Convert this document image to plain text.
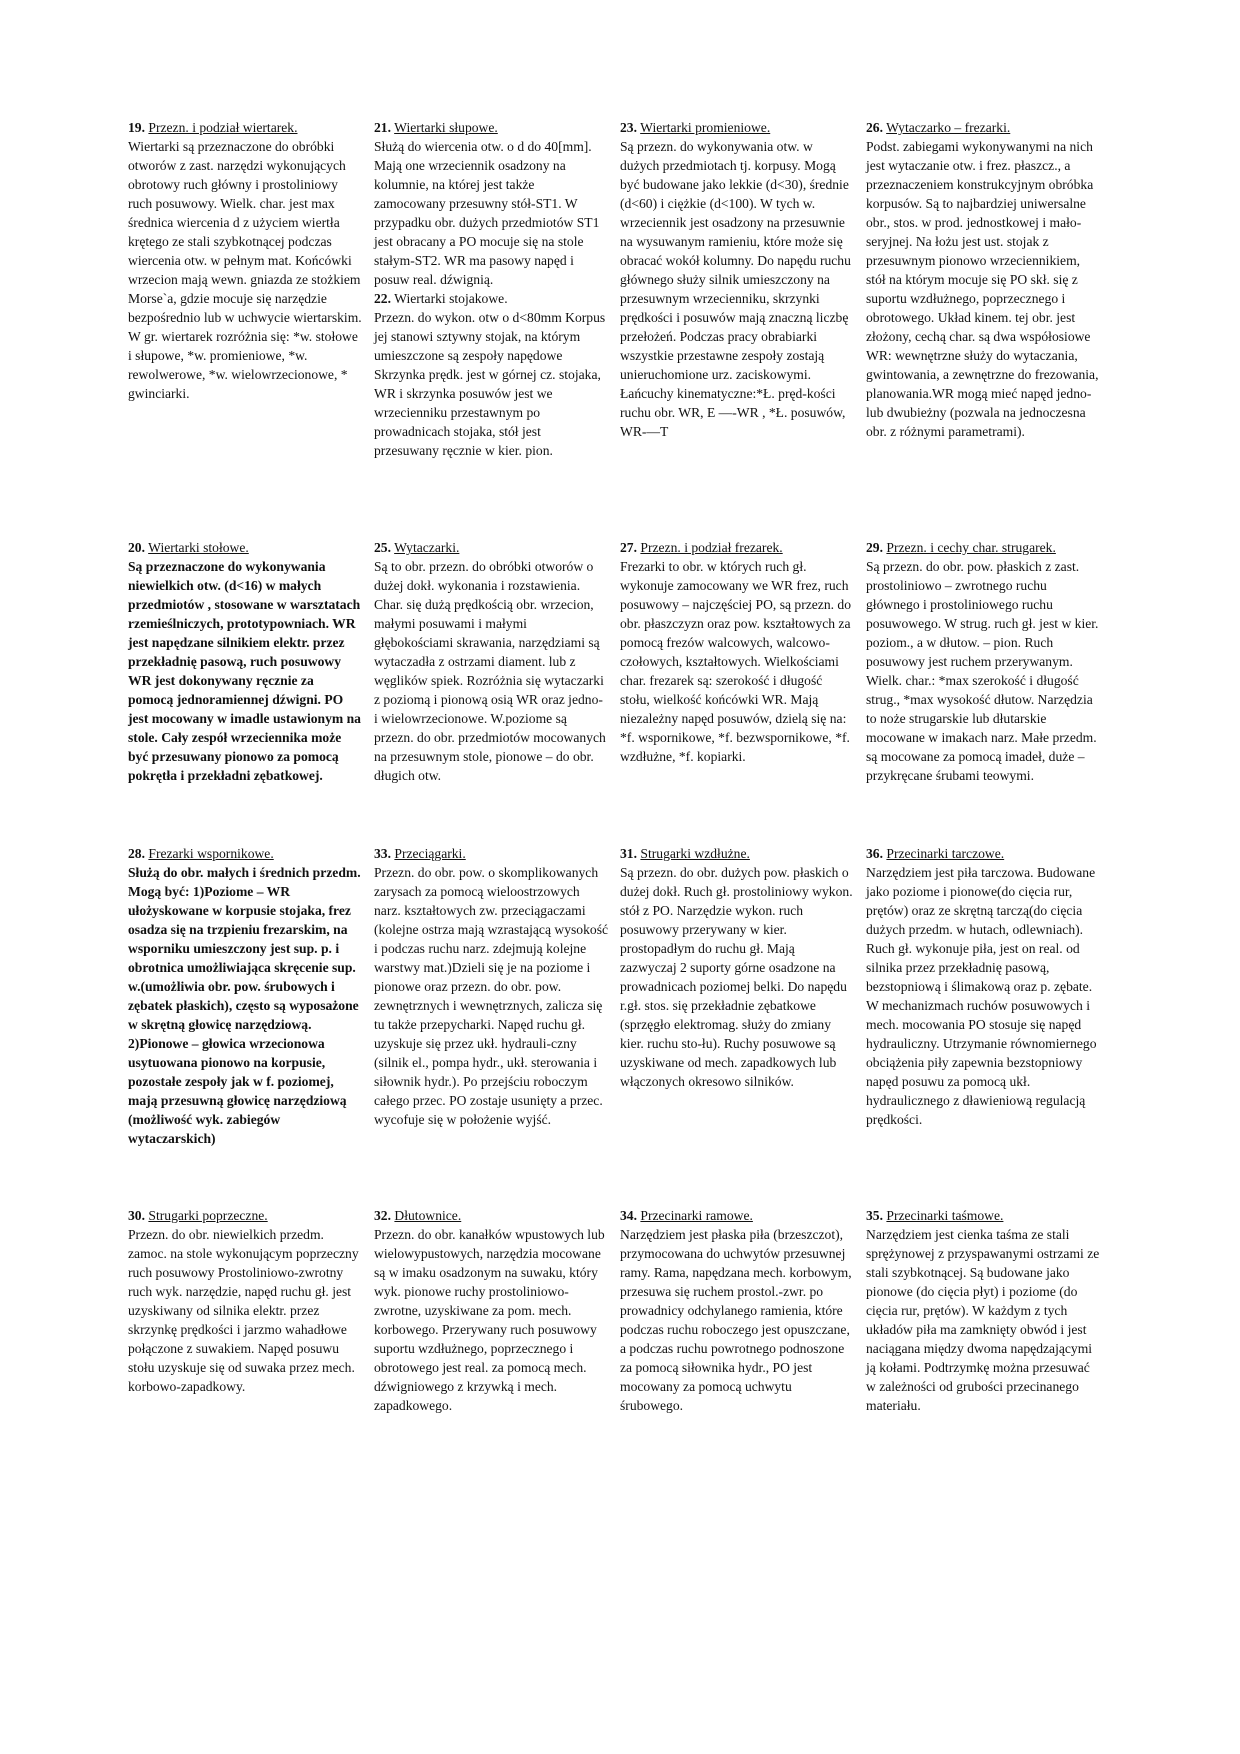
19. Przezn. i podział wiertarek.

Wiertarki są przeznaczone do obróbki otworów z zast. narzędzi wykonujących obrotowy ruch główny i prostoliniowy ruch posuwowy. Wielk. char. jest max średnica wiercenia d z użyciem wiertła krętego ze stali szybkotnącej podczas wiercenia otw. w pełnym mat. Końcówki wrzecion mają wewn. gniazda ze stożkiem Morse`a, gdzie mocuje się narzędzie bezpośrednio lub w uchwycie wiertarskim. W gr. wiertarek rozróżnia się: *w. stołowe i słupowe, *w. promieniowe, *w. rewolwerowe, *w. wielowrzecionowe, * gwinciarki.

20. Wiertarki stołowe.

Są przeznaczone do wykonywania niewielkich otw. (d<16) w małych przedmiotów , stosowane w warsztatach rzemieślniczych, prototypowniach. WR jest napędzane silnikiem elektr. przez przekładnię pasową, ruch posuwowy WR jest dokonywany ręcznie za pomocą jednoramiennej dźwigni. PO jest mocowany w imadle ustawionym na stole. Cały zespół wrzeciennika może być przesuwany pionowo za pomocą pokrętła i przekładni zębatkowej.

28. Frezarki wspornikowe.

Służą do obr. małych i średnich przedm. Mogą być: 1)Poziome – WR ułożyskowane w korpusie stojaka, frez osadza się na trzpieniu frezarskim, na wsporniku umieszczony jest sup. p. i obrotnica umożliwiająca skręcenie sup. w.(umożliwia obr. pow. śrubowych i zębatek płaskich), często są wyposażone w skrętną głowicę narzędziową. 2)Pionowe – głowica wrzecionowa usytuowana pionowo na korpusie, pozostałe zespoły jak w f. poziomej, mają przesuwną głowicę narzędziową (możliwość wyk. zabiegów wytaczarskich)

30. Strugarki poprzeczne.

Przezn. do obr. niewielkich przedm. zamoc. na stole wykonującym poprzeczny ruch posuwowy Prostoliniowo-zwrotny ruch wyk. narzędzie, napęd ruchu gł. jest uzyskiwany od silnika elektr. przez skrzynkę prędkości i jarzmo wahadłowe połączone z suwakiem. Napęd posuwu stołu uzyskuje się od suwaka przez mech. korbowo-zapadkowy.

21. Wiertarki słupowe.

Służą do wiercenia otw. o d do 40[mm]. Mają one wrzeciennik osadzony na kolumnie, na której jest także zamocowany przesuwny stół-ST1. W przypadku obr. dużych przedmiotów ST1 jest obracany a PO mocuje się na stole stałym-ST2. WR ma pasowy napęd i posuw real. dźwignią.

22. Wiertarki stojakowe.

Przezn. do wykon. otw o d<80mm Korpus jej stanowi sztywny stojak, na którym umieszczone są zespoły napędowe Skrzynka prędk. jest w górnej cz. stojaka, WR i skrzynka posuwów jest we wrzecienniku przestawnym po prowadnicach stojaka, stół jest przesuwany ręcznie w kier. pion.

25. Wytaczarki.

Są to obr. przezn. do obróbki otworów o dużej dokł. wykonania i rozstawienia. Char. się dużą prędkością obr. wrzecion, małymi posuwami i małymi głębokościami skrawania, narzędziami są wytaczadła z ostrzami diament. lub z węglików spiek. Rozróżnia się wytaczarki z poziomą i pionową osią WR oraz jedno- i wielowrzecionowe. W.poziome są przezn. do obr. przedmiotów mocowanych na przesuwnym stole, pionowe – do obr. długich otw.

33. Przeciągarki.

Przezn. do obr. pow. o skomplikowanych zarysach za pomocą wieloostrzowych narz. kształtowych zw. przeciągaczami (kolejne ostrza mają wzrastającą wysokość i podczas ruchu narz. zdejmują kolejne warstwy mat.)Dzieli się je na poziome i pionowe oraz przezn. do obr. pow. zewnętrznych i wewnętrznych, zalicza się tu także przepycharki. Napęd ruchu gł. uzyskuje się przez ukł. hydrauli-czny (silnik el., pompa hydr., ukł. sterowania i siłownik hydr.). Po przejściu roboczym całego przec. PO zostaje usunięty a przec. wycofuje się w położenie wyjść.

32. Dłutownice.

Przezn. do obr. kanałków wpustowych lub wielowypustowych, narzędzia mocowane są w imaku osadzonym na suwaku, który wyk. pionowe ruchy prostoliniowo-zwrotne, uzyskiwane za pom. mech. korbowego. Przerywany ruch posuwowy suportu wzdłużnego, poprzecznego i obrotowego jest real. za pomocą mech. dźwigniowego z krzywką i mech. zapadkowego.

23. Wiertarki promieniowe.

Są przezn. do wykonywania otw. w dużych przedmiotach tj. korpusy. Mogą być budowane jako lekkie (d<30), średnie (d<60) i ciężkie (d<100). W tych w. wrzeciennik jest osadzony na przesuwnie na wysuwanym ramieniu, które może się obracać wokół kolumny. Do napędu ruchu głównego służy silnik umieszczony na przesuwnym wrzecienniku, skrzynki prędkości i posuwów mają znaczną liczbę przełożeń. Podczas pracy obrabiarki wszystkie przestawne zespoły zostają unieruchomione urz. zaciskowymi. Łańcuchy kinematyczne:*Ł. pręd-kości ruchu obr. WR, E —-WR , *Ł. posuwów, WR-—T

27. Przezn. i podział frezarek.

Frezarki to obr. w których ruch gł. wykonuje zamocowany we WR frez, ruch posuwowy – najczęściej PO, są przezn. do obr. płaszczyzn oraz pow. kształtowych za pomocą frezów walcowych, walcowo-czołowych, kształtowych. Wielkościami char. frezarek są: szerokość i długość stołu, wielkość końcówki WR. Mają niezależny napęd posuwów, dzielą się na: *f. wspornikowe, *f. bezwspornikowe, *f. wzdłużne, *f. kopiarki.

31. Strugarki wzdłużne.

Są przezn. do obr. dużych pow. płaskich o dużej dokł. Ruch gł. prostoliniowy wykon. stół z PO. Narzędzie wykon. ruch posuwowy przerywany w kier. prostopadłym do ruchu gł. Mają zazwyczaj 2 suporty górne osadzone na prowadnicach poziomej belki. Do napędu r.gł. stos. się przekładnie zębatkowe (sprzęgło elektromag. służy do zmiany kier. ruchu sto-łu). Ruchy posuwowe są uzyskiwane od mech. zapadkowych lub włączonych okresowo silników.

34. Przecinarki ramowe.

Narzędziem jest płaska piła (brzeszczot), przymocowana do uchwytów przesuwnej ramy. Rama, napędzana mech. korbowym, przesuwa się ruchem prostol.-zwr. po prowadnicy odchylanego ramienia, które podczas ruchu roboczego jest opuszczane, a podczas ruchu powrotnego podnoszone za pomocą siłownika hydr., PO jest mocowany za pomocą uchwytu śrubowego.

26. Wytaczarko – frezarki.

Podst. zabiegami wykonywanymi na nich jest wytaczanie otw. i frez. płaszcz., a przeznaczeniem konstrukcyjnym obróbka korpusów. Są to najbardziej uniwersalne obr., stos. w prod. jednostkowej i mało-seryjnej. Na łożu jest ust. stojak z przesuwnym pionowo wrzeciennikiem, stół na którym mocuje się PO skł. się z suportu wzdłużnego, poprzecznego i obrotowego. Układ kinem. tej obr. jest złożony, cechą char. są dwa współosiowe WR: wewnętrzne służy do wytaczania, gwintowania, a zewnętrzne do frezowania, planowania.WR mogą mieć napęd jedno- lub dwubieżny (pozwala na jednoczesna obr. z różnymi parametrami).

29. Przezn. i cechy char. strugarek.

Są przezn. do obr. pow. płaskich z zast. prostoliniowo – zwrotnego ruchu głównego i prostoliniowego ruchu posuwowego. W strug. ruch gł. jest w kier. poziom., a w dłutow. – pion. Ruch posuwowy jest ruchem przerywanym. Wielk. char.: *max szerokość i długość strug., *max wysokość dłutow. Narzędzia to noże strugarskie lub dłutarskie mocowane w imakach narz. Małe przedm. są mocowane za pomocą imadeł, duże – przykręcane śrubami teowymi.

36. Przecinarki tarczowe.

Narzędziem jest piła tarczowa. Budowane jako poziome i pionowe(do cięcia rur, prętów) oraz ze skrętną tarczą(do cięcia dużych przedm. w hutach, odlewniach). Ruch gł. wykonuje piła, jest on real. od silnika przez przekładnię pasową, bezstopniową i ślimakową oraz p. zębate. W mechanizmach ruchów posuwowych i mech. mocowania PO stosuje się napęd hydrauliczny. Utrzymanie równomiernego obciążenia piły zapewnia bezstopniowy napęd posuwu za pomocą ukł. hydraulicznego z dławieniową regulacją prędkości.

35. Przecinarki taśmowe.

Narzędziem jest cienka taśma ze stali sprężynowej z przyspawanymi ostrzami ze stali szybkotnącej. Są budowane jako pionowe (do cięcia płyt) i poziome (do cięcia rur, prętów). W każdym z tych układów piła ma zamknięty obwód i jest naciągana między dwoma napędzającymi ją kołami. Podtrzymkę można przesuwać w zależności od grubości przecinanego materiału.
